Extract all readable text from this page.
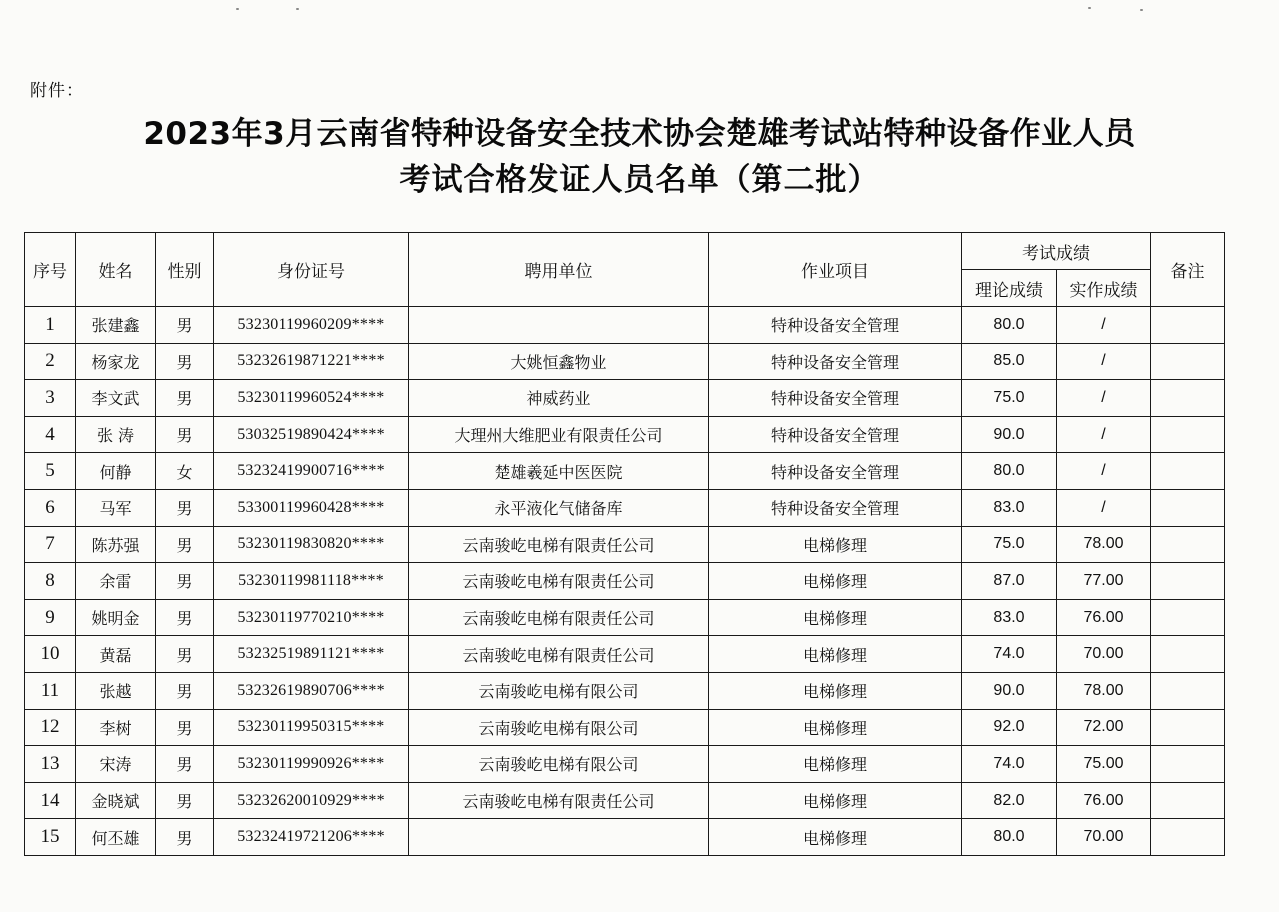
附件：
2023年3月云南省特种设备安全技术协会楚雄考试站特种设备作业人员
考试合格发证人员名单（第二批）
序号	姓名	性别	身份证号	聘用单位	作业项目	考试成绩		备注
						理论成绩	实作成绩	
1	张建鑫	男	53230119960209****		特种设备安全管理	80.0	/	
2	杨家龙	男	53232619871221****	大姚恒鑫物业	特种设备安全管理	85.0	/	
3	李文武	男	53230119960524****	神威药业	特种设备安全管理	75.0	/	
4	张 涛	男	53032519890424****	大理州大维肥业有限责任公司	特种设备安全管理	90.0	/	
5	何静	女	53232419900716****	楚雄羲延中医医院	特种设备安全管理	80.0	/	
6	马军	男	53300119960428****	永平液化气储备库	特种设备安全管理	83.0	/	
7	陈苏强	男	53230119830820****	云南骏屹电梯有限责任公司	电梯修理	75.0	78.00	
8	余雷	男	53230119981118****	云南骏屹电梯有限责任公司	电梯修理	87.0	77.00	
9	姚明金	男	53230119770210****	云南骏屹电梯有限责任公司	电梯修理	83.0	76.00	
10	黄磊	男	53232519891121****	云南骏屹电梯有限责任公司	电梯修理	74.0	70.00	
11	张越	男	53232619890706****	云南骏屹电梯有限公司	电梯修理	90.0	78.00	
12	李树	男	53230119950315****	云南骏屹电梯有限公司	电梯修理	92.0	72.00	
13	宋涛	男	53230119990926****	云南骏屹电梯有限公司	电梯修理	74.0	75.00	
14	金晓斌	男	53232620010929****	云南骏屹电梯有限责任公司	电梯修理	82.0	76.00	
15	何丕雄	男	53232419721206****		电梯修理	80.0	70.00	
